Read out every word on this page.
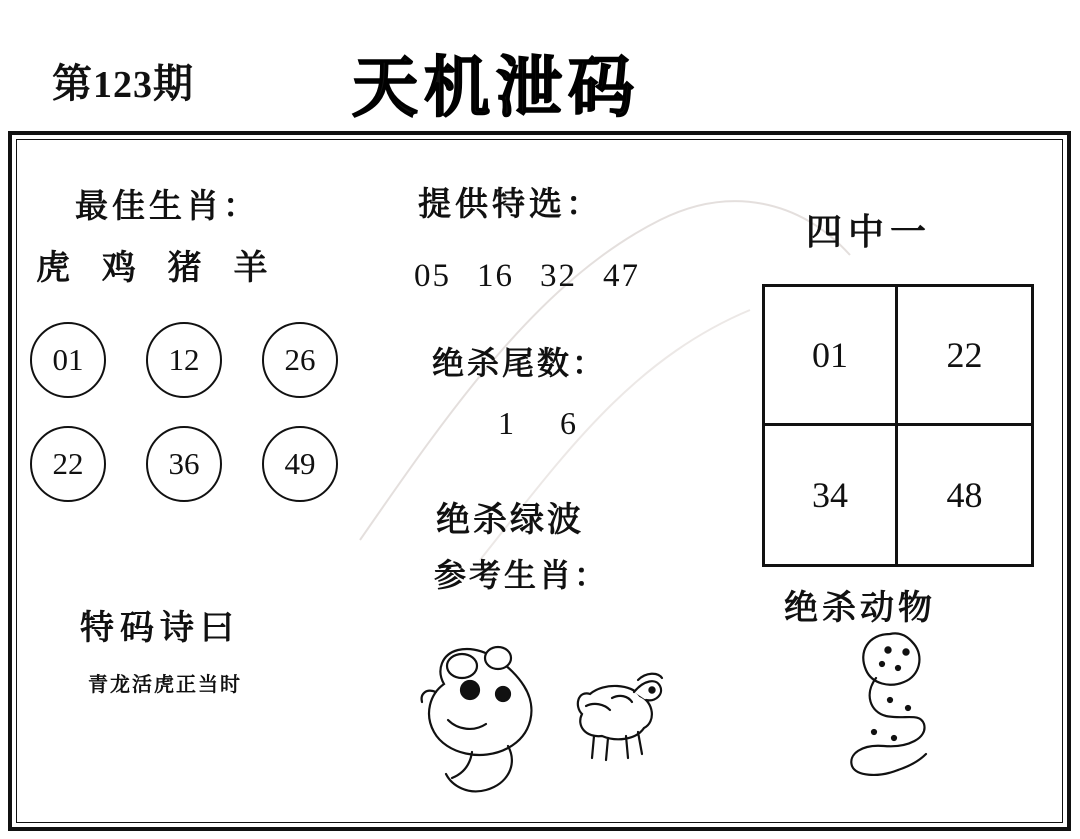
第123期 天机泄码
最佳生肖：
虎 鸡 猪 羊
01	12	26
22	36	49
特码诗曰
青龙活虎正当时
提供特选：
05 16 32 47
绝杀尾数：
1 6
绝杀绿波
参考生肖：
四中一
01	22
34	48
绝杀动物
